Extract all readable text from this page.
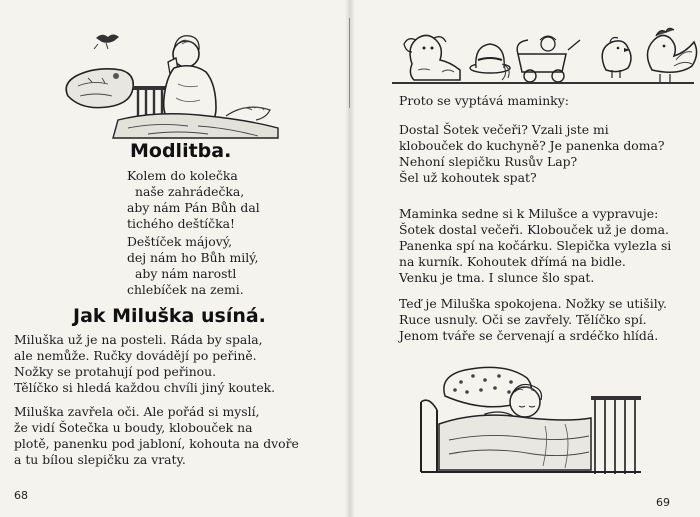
Modlitba.
Kolem do kolečka
naše zahrádečka,
aby nám Pán Bůh dal
tichého deštíčka!
Deštíček májový,
dej nám ho Bůh milý,
aby nám narostl
chlebíček na zemi.
Jak Miluška usíná.
Miluška už je na posteli. Ráda by spala,
ale nemůže. Ručky dovádějí po peřině.
Nožky se protahují pod peřinou.
Tělíčko si hledá každou chvíli jiný koutek.
Miluška zavřela oči. Ale pořád si myslí,
že vidí Šotečka u boudy, klobouček na
plotě, panenku pod jabloní, kohouta na dvoře
a tu bílou slepičku za vraty.
68
Proto se vyptává maminky:
Dostal Šotek večeři? Vzali jste mi
klobouček do kuchyně? Je panenka doma?
Nehoní slepičku Rusův Lap?
Šel už kohoutek spat?
Maminka sedne si k Milušce a vypravuje:
Šotek dostal večeři. Klobouček už je doma.
Panenka spí na kočárku. Slepička vylezla si
na kurník. Kohoutek dřímá na bidle.
Venku je tma. I slunce šlo spat.
Teď je Miluška spokojena. Nožky se utišily.
Ruce usnuly. Oči se zavřely. Tělíčko spí.
Jenom tváře se červenají a srdéčko hlídá.
69
